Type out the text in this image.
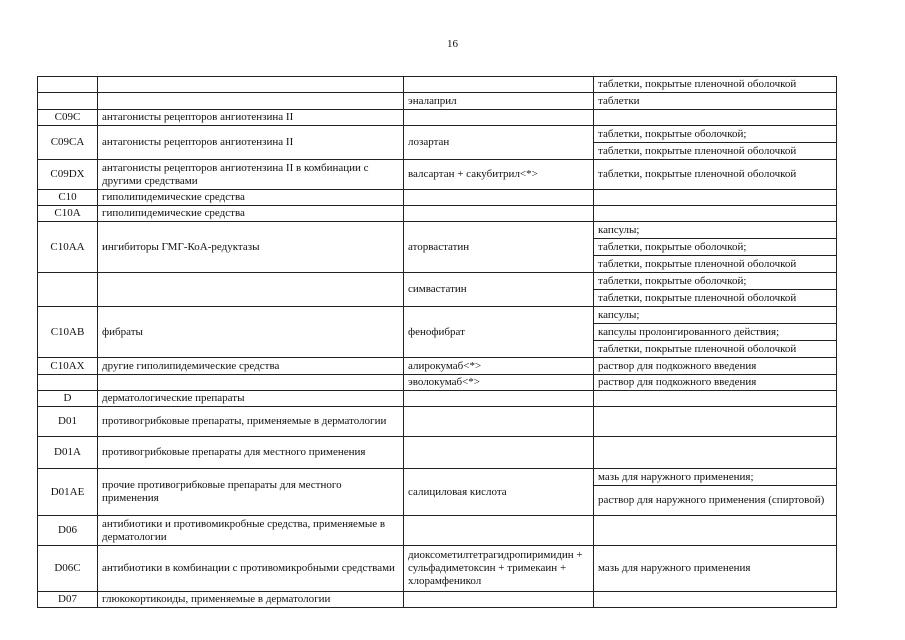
16
			таблетки, покрытые пленочной оболочкой
		эналаприл	таблетки
C09C	антагонисты рецепторов ангиотензина II		
C09CA	антагонисты рецепторов ангиотензина II	лозартан	таблетки, покрытые оболочкой;
			таблетки, покрытые пленочной оболочкой
C09DX	антагонисты рецепторов ангиотензина II в комбинации с другими средствами	валсартан + сакубитрил<*>	таблетки, покрытые пленочной оболочкой
C10	гиполипидемические средства		
C10A	гиполипидемические средства		
C10AA	ингибиторы ГМГ-КоА-редуктазы	аторвастатин	капсулы;
			таблетки, покрытые оболочкой;
			таблетки, покрытые пленочной оболочкой
		симвастатин	таблетки, покрытые оболочкой;
			таблетки, покрытые пленочной оболочкой
C10AB	фибраты	фенофибрат	капсулы;
			капсулы пролонгированного действия;
			таблетки, покрытые пленочной оболочкой
C10AX	другие гиполипидемические средства	алирокумаб<*>	раствор для подкожного введения
		эволокумаб<*>	раствор для подкожного введения
D	дерматологические препараты		
D01	противогрибковые препараты, применяемые в дерматологии		
D01A	противогрибковые препараты для местного применения		
D01AE	прочие противогрибковые препараты для местного применения	салициловая кислота	мазь для наружного применения;
			раствор для наружного применения (спиртовой)
D06	антибиотики и противомикробные средства, применяемые в дерматологии		
D06C	антибиотики в комбинации с противомикробными средствами	диоксометилтетрагидропиримидин + сульфадиметоксин + тримекаин + хлорамфеникол	мазь для наружного применения
D07	глюкокортикоиды, применяемые в дерматологии		
